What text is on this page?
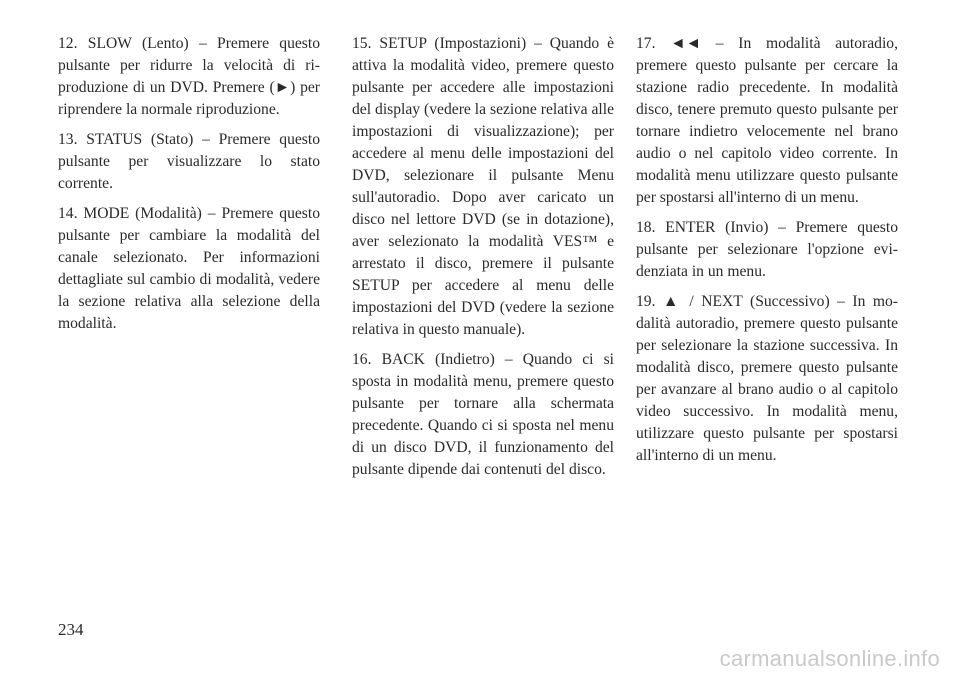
12. SLOW (Lento) – Premere questo pulsante per ridurre la velocità di riproduzione di un DVD. Premere (►) per riprendere la normale riproduzione.

13. STATUS (Stato) – Premere questo pulsante per visualizzare lo stato corrente.

14. MODE (Modalità) – Premere questo pulsante per cambiare la modalità del canale selezionato. Per informazioni dettagliate sul cambio di modalità, vedere la sezione relativa alla selezione della modalità.

15. SETUP (Impostazioni) – Quando è attiva la modalità video, premere questo pulsante per accedere alle impostazioni del display (vedere la sezione relativa alle impostazioni di visualizzazione); per accedere al menu delle impostazioni del DVD, selezionare il pulsante Menu sull'autoradio. Dopo aver caricato un disco nel lettore DVD (se in dotazione), aver selezionato la modalità VES™ e arrestato il disco, premere il pulsante SETUP per accedere al menu delle impostazioni del DVD (vedere la sezione relativa in questo manuale).

16. BACK (Indietro) – Quando ci si sposta in modalità menu, premere questo pulsante per tornare alla schermata precedente. Quando ci si sposta nel menu di un disco DVD, il funzionamento del pulsante dipende dai contenuti del disco.

17. ◄◄ – In modalità autoradio, premere questo pulsante per cercare la stazione radio precedente. In modalità disco, tenere premuto questo pulsante per tornare indietro velocemente nel brano audio o nel capitolo video corrente. In modalità menu utilizzare questo pulsante per spostarsi all'interno di un menu.

18. ENTER (Invio) – Premere questo pulsante per selezionare l'opzione evidenziata in un menu.

19. ▲ / NEXT (Successivo) – In modalità autoradio, premere questo pulsante per selezionare la stazione successiva. In modalità disco, premere questo pulsante per avanzare al brano audio o al capitolo video successivo. In modalità menu, utilizzare questo pulsante per spostarsi all'interno di un menu.

234
carmanualsonline.info
